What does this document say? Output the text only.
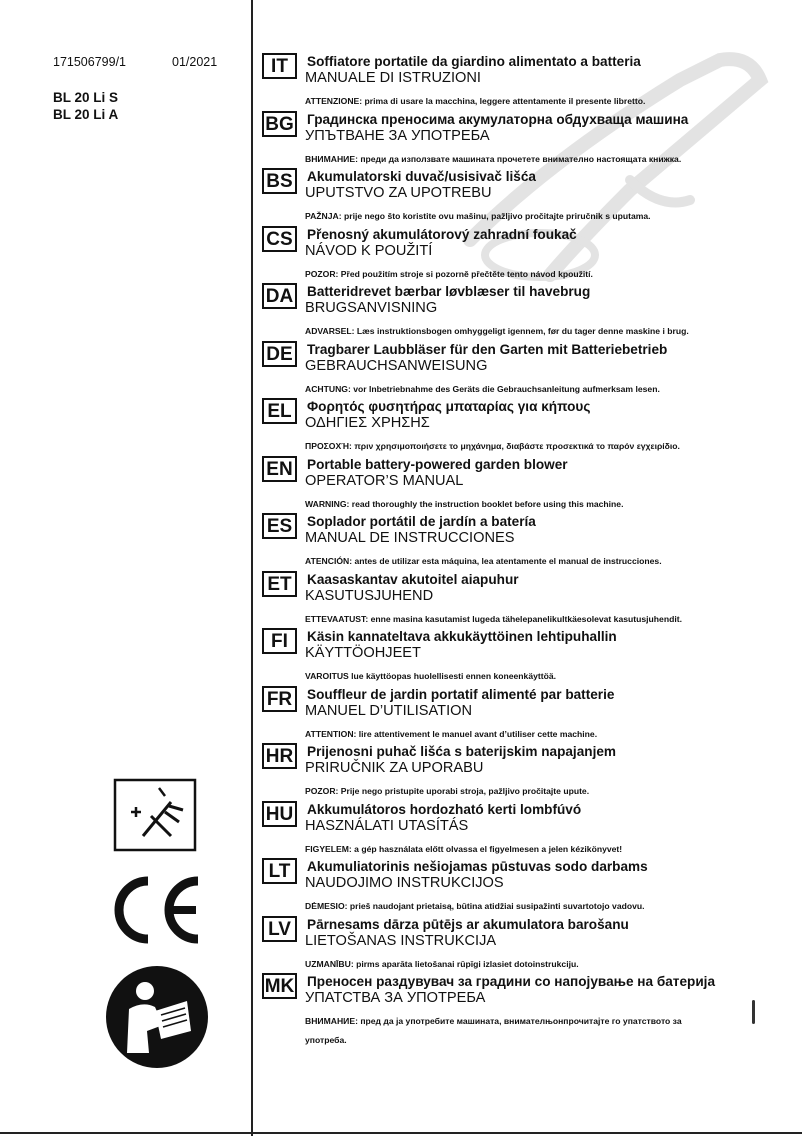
171506799/1	01/2021
BL 20 Li S
BL 20 Li A
IT	Soffiatore portatile da giardino alimentato a batteria
MANUALE DI ISTRUZIONI
ATTENZIONE: prima di usare la macchina, leggere attentamente il presente libretto.
BG Градинска преносима акумулаторна обдухваща машина
УПЪТВАНЕ ЗА УПОТРЕБА
ВНИМАНИЕ: преди да използвате машината прочетете внимателно настоящата книжка.
BS	Akumulatorski duvač/usisivač lišća
UPUTSTVO ZA UPOTREBU
PAŽNJA: prije nego što koristite ovu mašinu, pažljivo pročitajte priručnik s uputama.
CS	Přenosný akumulátorový zahradní foukač
NÁVOD K POUŽITÍ
POZOR: Před použitím stroje si pozorně přečtěte tento návod kpoužití.
DA Batteridrevet bærbar løvblæser til havebrug
BRUGSANVISNING
ADVARSEL: Læs instruktionsbogen omhyggeligt igennem, før du tager denne maskine i brug.
DE	Tragbarer Laubbläser für den Garten mit Batteriebetrieb
GEBRAUCHSANWEISUNG
ACHTUNG: vor Inbetriebnahme des Geräts die Gebrauchsanleitung aufmerksam lesen.
EL	Φορητός φυσητήρας μπαταρίας για κήπους
ΟΔΗΓΙΕΣ ΧΡΗΣΗΣ
ΠΡΟΣΟΧΉ: πριν χρησιμοποιήσετε το μηχάνημα, διαβάστε προσεκτικά το παρόν εγχειρίδιο.
EN	Portable battery-powered garden blower
OPERATOR’S MANUAL
WARNING: read thoroughly the instruction booklet before using this machine.
ES	Soplador portátil de jardín a batería
MANUAL DE INSTRUCCIONES
ATENCIÓN: antes de utilizar esta máquina, lea atentamente el manual de instrucciones.
ET	Kaasaskantav akutoitel aiapuhur
KASUTUSJUHEND
ETTEVAATUST: enne masina kasutamist lugeda tähelepanelikultkäesolevat kasutusjuhendit.
FI	Käsin kannateltava akkukäyttöinen lehtipuhallin
KÄYTTÖOHJEET
VAROITUS lue käyttöopas huolellisesti ennen koneenkäyttöä.
FR	Souffleur de jardin portatif alimenté par batterie
MANUEL D’UTILISATION
ATTENTION: lire attentivement le manuel avant d’utiliser cette machine.
HR Prijenosni puhač lišća s baterijskim napajanjem
PRIRUČNIK ZA UPORABU
POZOR: Prije nego pristupite uporabi stroja, pažljivo pročitajte upute.
HU Akkumulátoros hordozható kerti lombfúvó
HASZNÁLATI UTASÍTÁS
FIGYELEM: a gép használata előtt olvassa el figyelmesen a jelen kézikönyvet!
LT	Akumuliatorinis nešiojamas pūstuvas sodo darbams
NAUDOJIMO INSTRUKCIJOS
DĖMESIO: prieš naudojant prietaisą, būtina atidžiai susipažinti suvartotojo vadovu.
LV	Pārnesams dārza pūtējs ar akumulatora barošanu
LIETOŠANAS INSTRUKCIJA
UZMANĪBU: pirms aparāta lietošanai rūpīgi izlasiet dotoinstrukciju.
MK Преносен раздувувач за градини со напојување на батерија
УПАТСТВА ЗА УПОТРЕБА
ВНИМАНИЕ: пред да ја употребите машината, внимателњонпрочитајте го упатството за употреба.
